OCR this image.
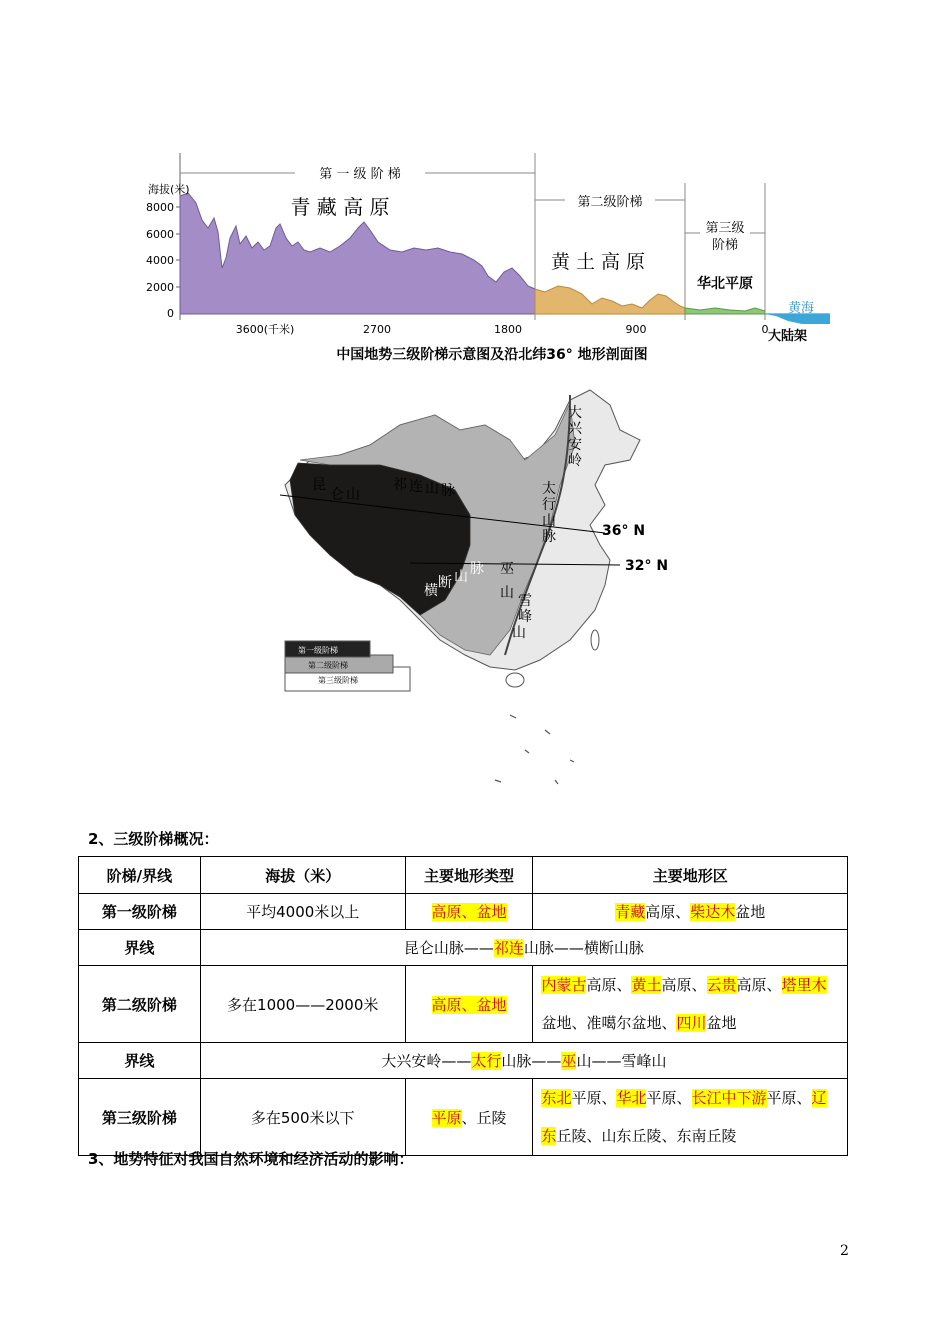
8000
6000
4000
2000
0
海拔(米)
3600(千米)	2700	1800	900	0
第 一 级 阶 梯
第二级阶梯
第三级
阶梯
青 藏 高 原
黄 土 高 原
华北平原
黄海
大陆架
中国地势三级阶梯示意图及沿北纬36° 地形剖面图
36° N
32° N
大
兴
安
岭
太
行
山
脉
昆
仑 山
祁 连 山 脉
横 断 山 脉 巫
山 雪
峰
山
第一级阶梯
第二级阶梯
第三级阶梯
2、三级阶梯概况：
阶梯/界线	海拔（米）	主要地形类型	主要地形区
第一级阶梯	平均4000米以上	高原、盆地	青藏高原、柴达木盆地
界线	昆仑山脉——祁连山脉——横断山脉		
第二级阶梯	多在1000——2000米	高原、盆地	内蒙古高原、黄土高原、云贵高原、塔里木盆地、准噶尔盆地、四川盆地
界线	大兴安岭——太行山脉——巫山——雪峰山		
第三级阶梯	多在500米以下	平原、丘陵	东北平原、华北平原、长江中下游平原、辽东丘陵、山东丘陵、东南丘陵
3、地势特征对我国自然环境和经济活动的影响：
2
